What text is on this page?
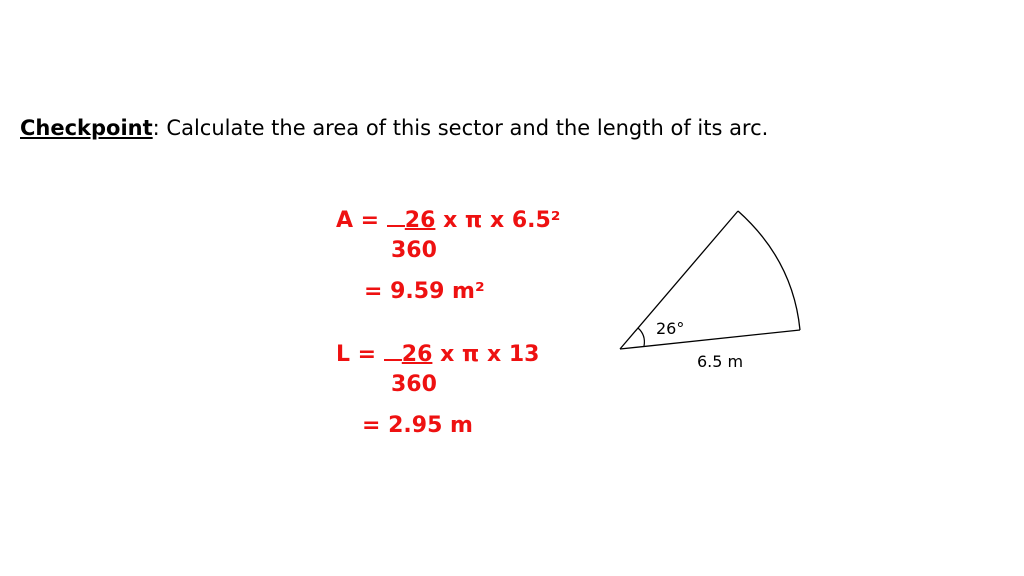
Checkpoint: Calculate the area of this sector and the length of its arc.
A = 26 x π x 6.5²
360
= 9.59 m²
L = 26 x π x 13
360
= 2.95 m
26°
6.5 m
